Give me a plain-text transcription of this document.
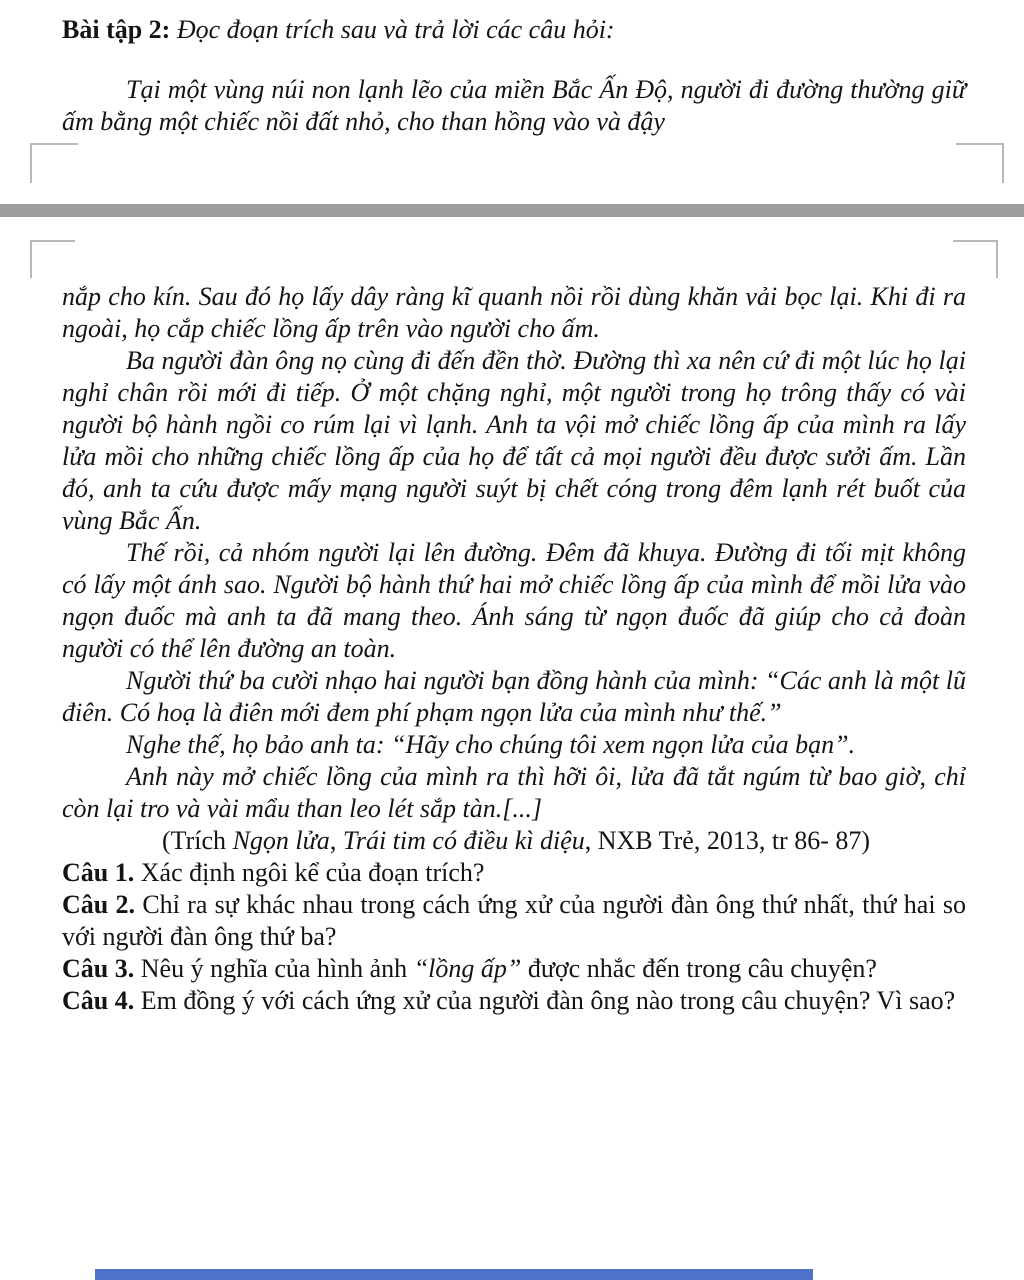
Bài tập 2: Đọc đoạn trích sau và trả lời các câu hỏi:

Tại một vùng núi non lạnh lẽo của miền Bắc Ấn Độ, người đi đường thường giữ ấm bằng một chiếc nồi đất nhỏ, cho than hồng vào và đậy

nắp cho kín. Sau đó họ lấy dây ràng kĩ quanh nồi rồi dùng khăn vải bọc lại. Khi đi ra ngoài, họ cắp chiếc lồng ấp trên vào người cho ấm.

Ba người đàn ông nọ cùng đi đến đền thờ. Đường thì xa nên cứ đi một lúc họ lại nghỉ chân rồi mới đi tiếp. Ở một chặng nghỉ, một người trong họ trông thấy có vài người bộ hành ngồi co rúm lại vì lạnh. Anh ta vội mở chiếc lồng ấp của mình ra lấy lửa mồi cho những chiếc lồng ấp của họ để tất cả mọi người đều được sưởi ấm. Lần đó, anh ta cứu được mấy mạng người suýt bị chết cóng trong đêm lạnh rét buốt của vùng Bắc Ấn.

Thế rồi, cả nhóm người lại lên đường. Đêm đã khuya. Đường đi tối mịt không có lấy một ánh sao. Người bộ hành thứ hai mở chiếc lồng ấp của mình để mồi lửa vào ngọn đuốc mà anh ta đã mang theo. Ánh sáng từ ngọn đuốc đã giúp cho cả đoàn người có thể lên đường an toàn.

Người thứ ba cười nhạo hai người bạn đồng hành của mình: “Các anh là một lũ điên. Có hoạ là điên mới đem phí phạm ngọn lửa của mình như thế.”

Nghe thế, họ bảo anh ta: “Hãy cho chúng tôi xem ngọn lửa của bạn”.

Anh này mở chiếc lồng của mình ra thì hỡi ôi, lửa đã tắt ngúm từ bao giờ, chỉ còn lại tro và vài mẩu than leo lét sắp tàn.[...]

(Trích Ngọn lửa, Trái tim có điều kì diệu, NXB Trẻ, 2013, tr 86- 87)

Câu 1. Xác định ngôi kể của đoạn trích?

Câu 2. Chỉ ra sự khác nhau trong cách ứng xử của người đàn ông thứ nhất, thứ hai so với người đàn ông thứ ba?

Câu 3. Nêu ý nghĩa của hình ảnh “lồng ấp” được nhắc đến trong câu chuyện?

Câu 4. Em đồng ý với cách ứng xử của người đàn ông nào trong câu chuyện? Vì sao?
